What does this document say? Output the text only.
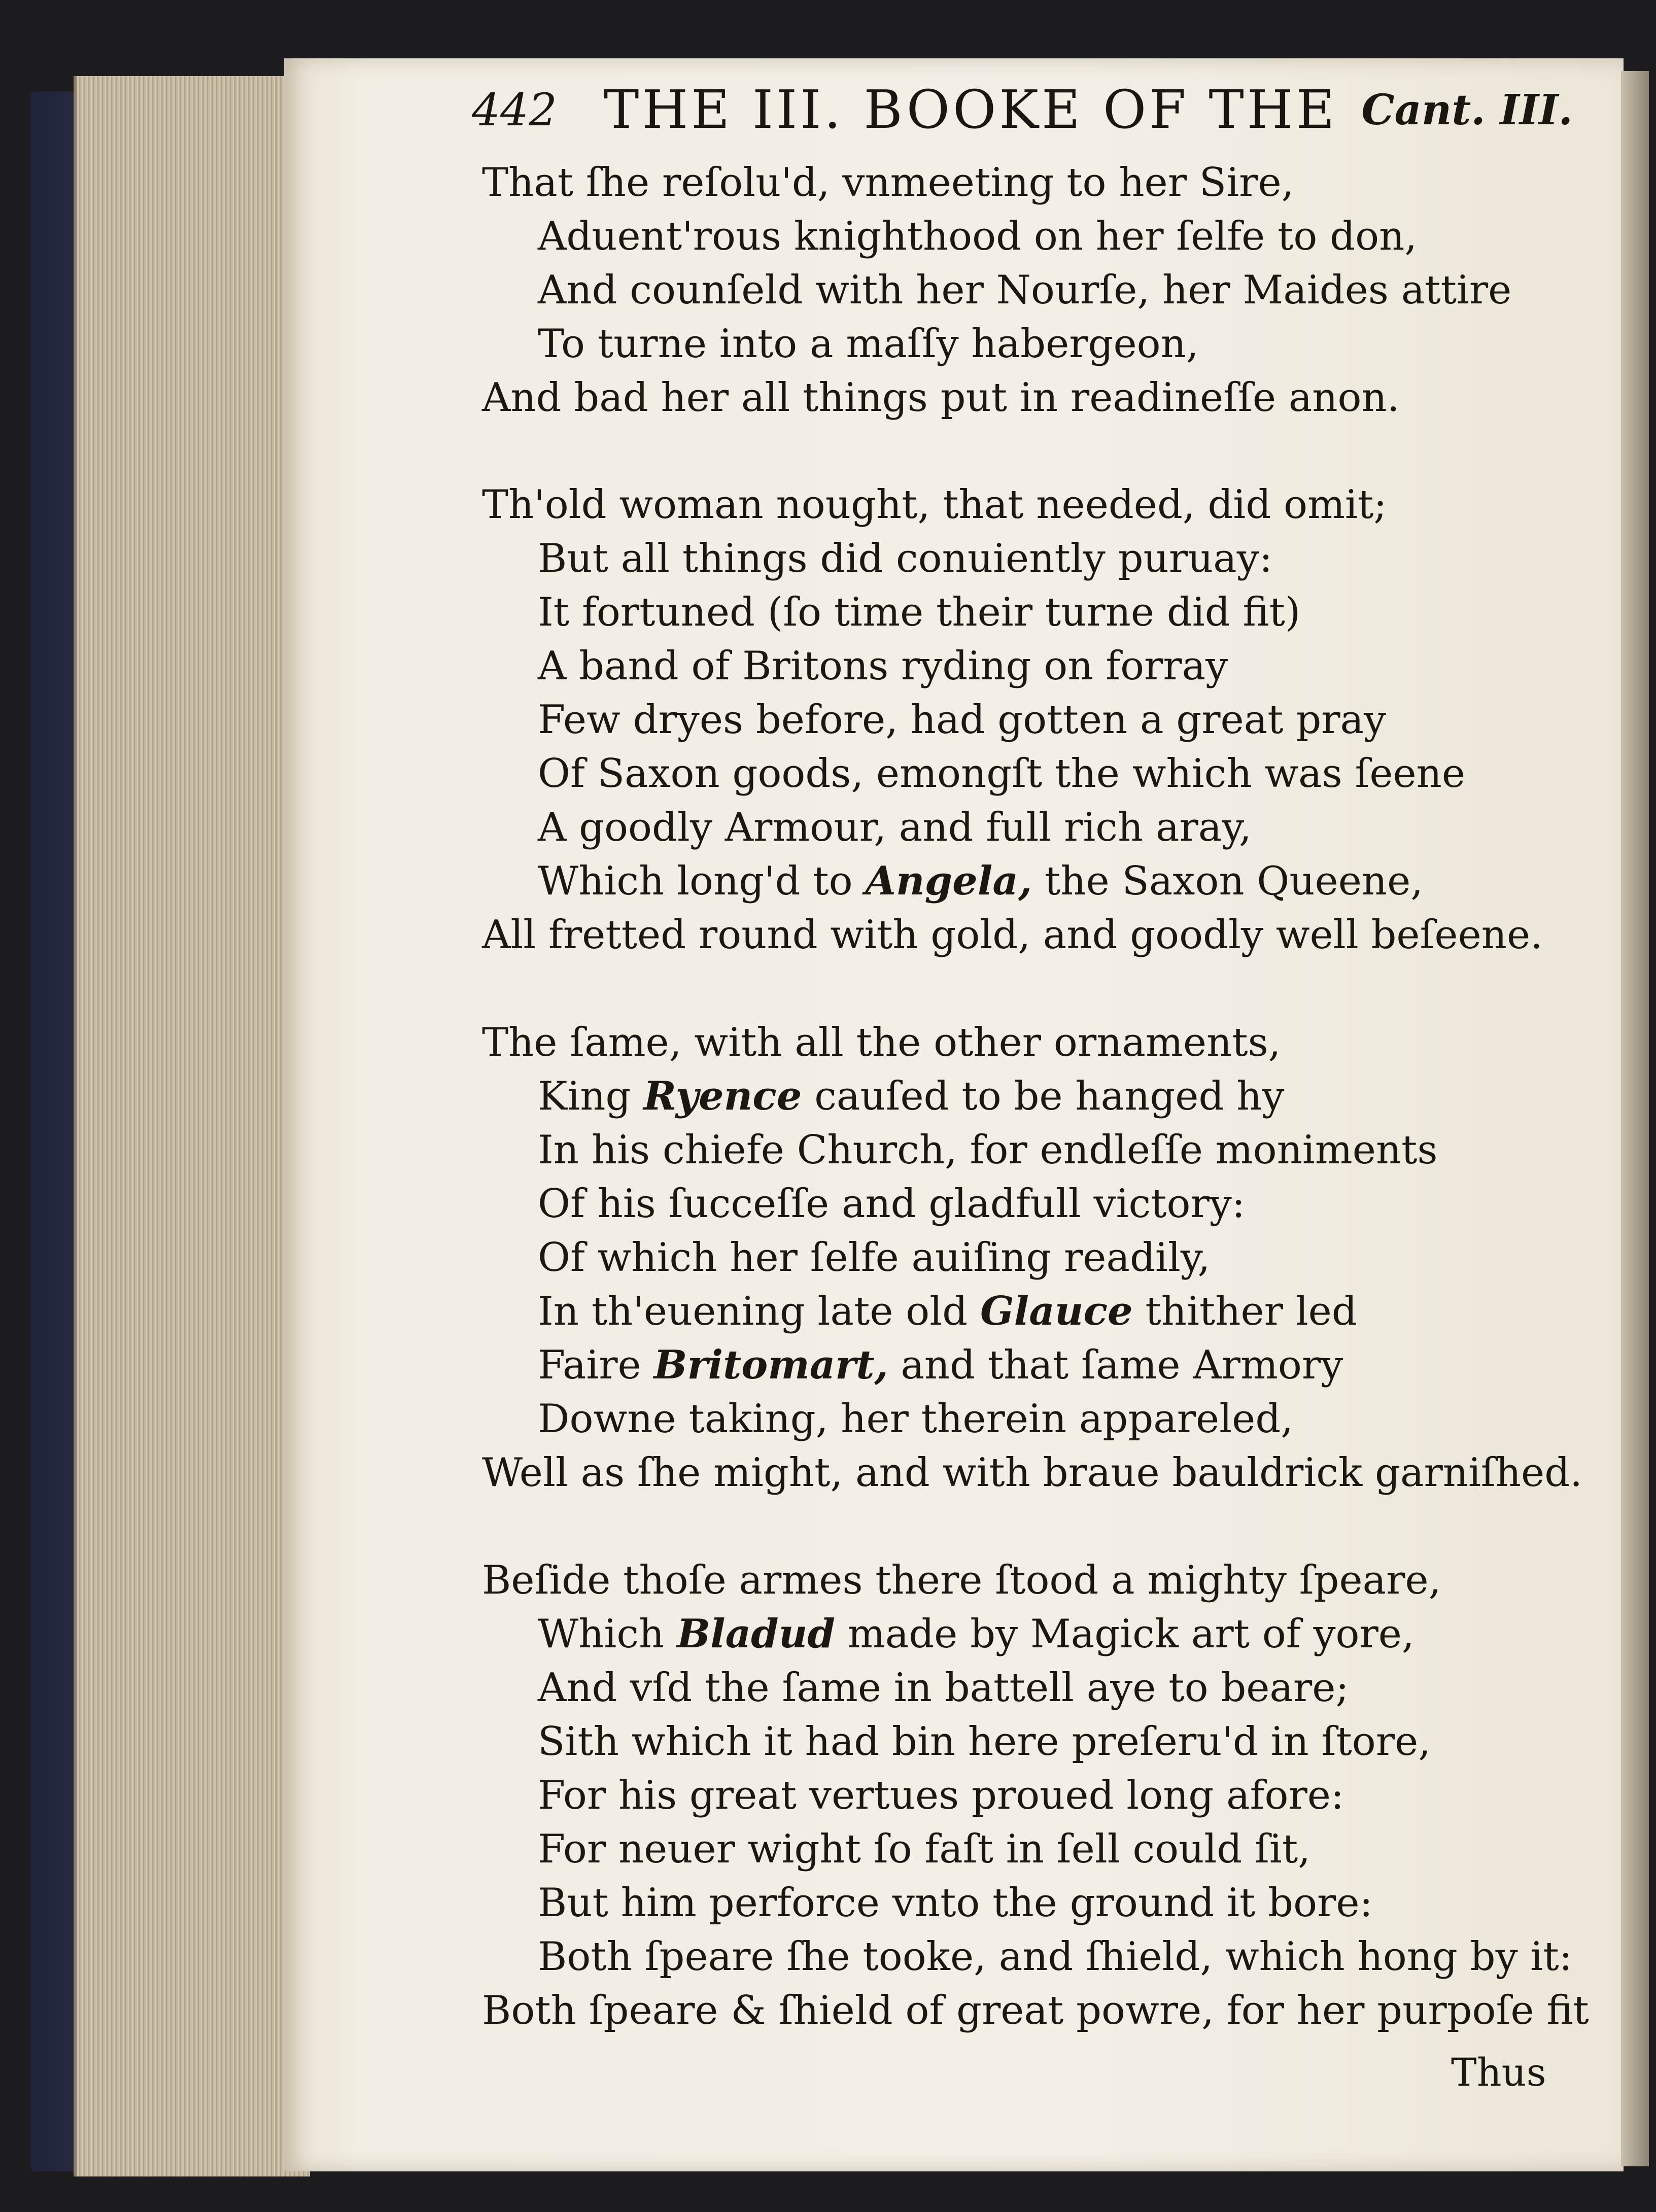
442 THE III. BOOKE OF THE Cant. III.
That ſhe reſolu'd, vnmeeting to her Sire,
Aduent'rous knighthood on her ſelfe to don,
And counſeld with her Nourſe, her Maides attire
To turne into a maſſy habergeon,
And bad her all things put in readineſſe anon.
Th'old woman nought, that needed, did omit;
But all things did conuiently puruay:
It fortuned (ſo time their turne did fit)
A band of Britons ryding on forray
Few dryes before, had gotten a great pray
Of Saxon goods, emongſt the which was ſeene
A goodly Armour, and full rich aray,
Which long'd to Angela, the Saxon Queene,
All fretted round with gold, and goodly well beſeene.
The ſame, with all the other ornaments,
King Ryence cauſed to be hanged hy
In his chiefe Church, for endleſſe moniments
Of his ſucceſſe and gladfull victory:
Of which her ſelfe auiſing readily,
In th'euening late old Glauce thither led
Faire Britomart, and that ſame Armory
Downe taking, her therein appareled,
Well as ſhe might, and with braue bauldrick garniſhed.
Beſide thoſe armes there ſtood a mighty ſpeare,
Which Bladud made by Magick art of yore,
And vſd the ſame in battell aye to beare;
Sith which it had bin here preſeru'd in ſtore,
For his great vertues proued long afore:
For neuer wight ſo faſt in ſell could ſit,
But him perforce vnto the ground it bore:
Both ſpeare ſhe tooke, and ſhield, which hong by it:
Both ſpeare & ſhield of great powre, for her purpoſe fit
Thus
